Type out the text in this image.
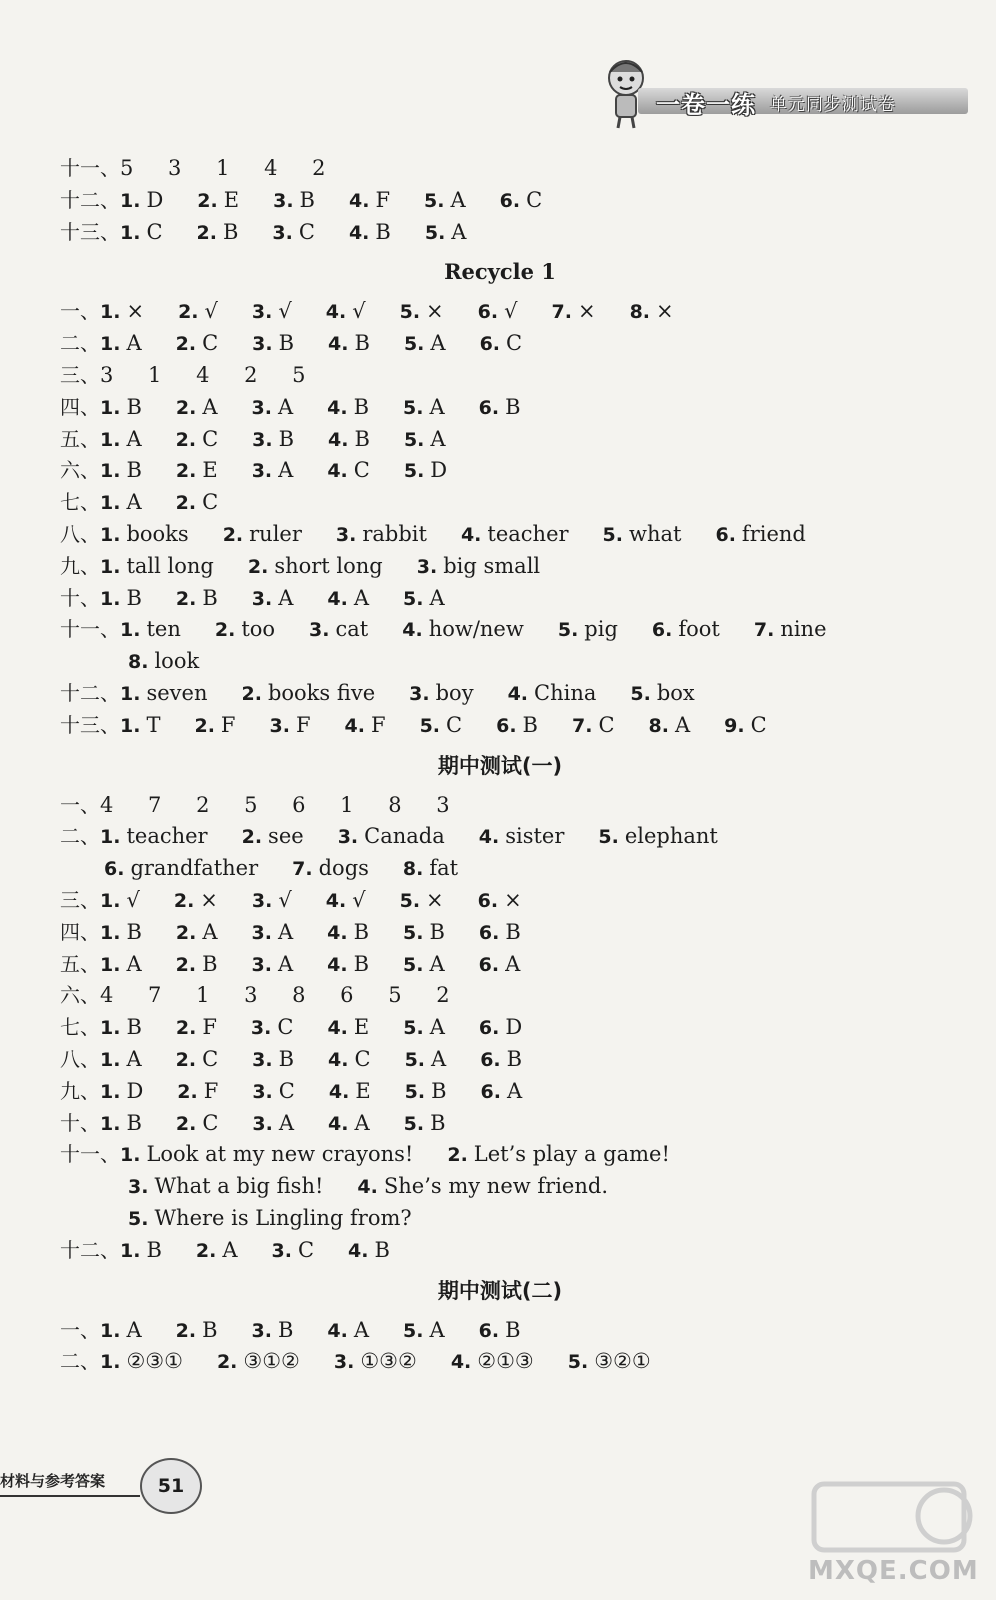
一卷一练 单元同步测试卷
十一、5 3 1 4 2
十二、1. D 2. E 3. B 4. F 5. A 6. C
十三、1. C 2. B 3. C 4. B 5. A
Recycle 1
一、1. × 2. √ 3. √ 4. √ 5. × 6. √ 7. × 8. ×
二、1. A 2. C 3. B 4. B 5. A 6. C
三、3 1 4 2 5
四、1. B 2. A 3. A 4. B 5. A 6. B
五、1. A 2. C 3. B 4. B 5. A
六、1. B 2. E 3. A 4. C 5. D
七、1. A 2. C
八、1. books 2. ruler 3. rabbit 4. teacher 5. what 6. friend
九、1. tall long 2. short long 3. big small
十、1. B 2. B 3. A 4. A 5. A
十一、1. ten 2. too 3. cat 4. how/new 5. pig 6. foot 7. nine
8. look
十二、1. seven 2. books five 3. boy 4. China 5. box
十三、1. T 2. F 3. F 4. F 5. C 6. B 7. C 8. A 9. C
期中测试(一)
一、4 7 2 5 6 1 8 3
二、1. teacher 2. see 3. Canada 4. sister 5. elephant
6. grandfather 7. dogs 8. fat
三、1. √ 2. × 3. √ 4. √ 5. × 6. ×
四、1. B 2. A 3. A 4. B 5. B 6. B
五、1. A 2. B 3. A 4. B 5. A 6. A
六、4 7 1 3 8 6 5 2
七、1. B 2. F 3. C 4. E 5. A 6. D
八、1. A 2. C 3. B 4. C 5. A 6. B
九、1. D 2. F 3. C 4. E 5. B 6. A
十、1. B 2. C 3. A 4. A 5. B
十一、1. Look at my new crayons! 2. Let’s play a game!
3. What a big fish! 4. She’s my new friend.
5. Where is Lingling from?
十二、1. B 2. A 3. C 4. B
期中测试(二)
一、1. A 2. B 3. B 4. A 5. A 6. B
二、1. ②③① 2. ③①② 3. ①③② 4. ②①③ 5. ③②①
材料与参考答案	51
MXQE.COM
